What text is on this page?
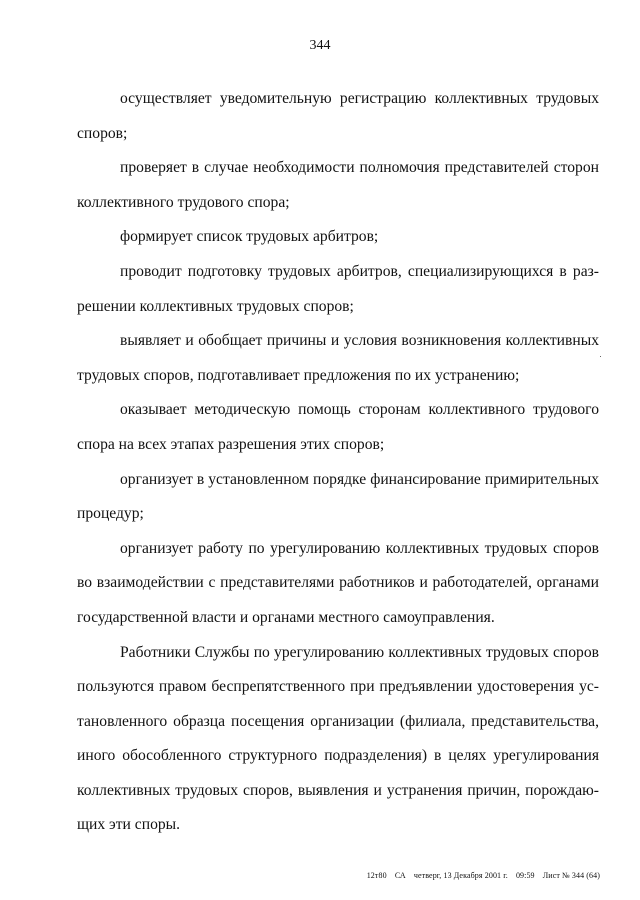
344
осуществляет уведомительную регистрацию коллективных трудовых
споров;
проверяет в случае необходимости полномочия представителей сторон
коллективного трудового спора;
формирует список трудовых арбитров;
проводит подготовку трудовых арбитров, специализирующихся в раз-
решении коллективных трудовых споров;
выявляет и обобщает причины и условия возникновения коллективных
трудовых споров, подготавливает предложения по их устранению;
оказывает методическую помощь сторонам коллективного трудового
спора на всех этапах разрешения этих споров;
организует в установленном порядке финансирование примирительных
процедур;
организует работу по урегулированию коллективных трудовых споров
во взаимодействии с представителями работников и работодателей, органами
государственной власти и органами местного самоуправления.
Работники Службы по урегулированию коллективных трудовых споров
пользуются правом беспрепятственного при предъявлении удостоверения ус-
тановленного образца посещения организации (филиала, представительства,
иного обособленного структурного подразделения) в целях урегулирования
коллективных трудовых споров, выявления и устранения причин, порождаю-
щих эти споры.
12т80 СА четверг, 13 Декабря 2001 г. 09:59 Лист № 344 (64)
